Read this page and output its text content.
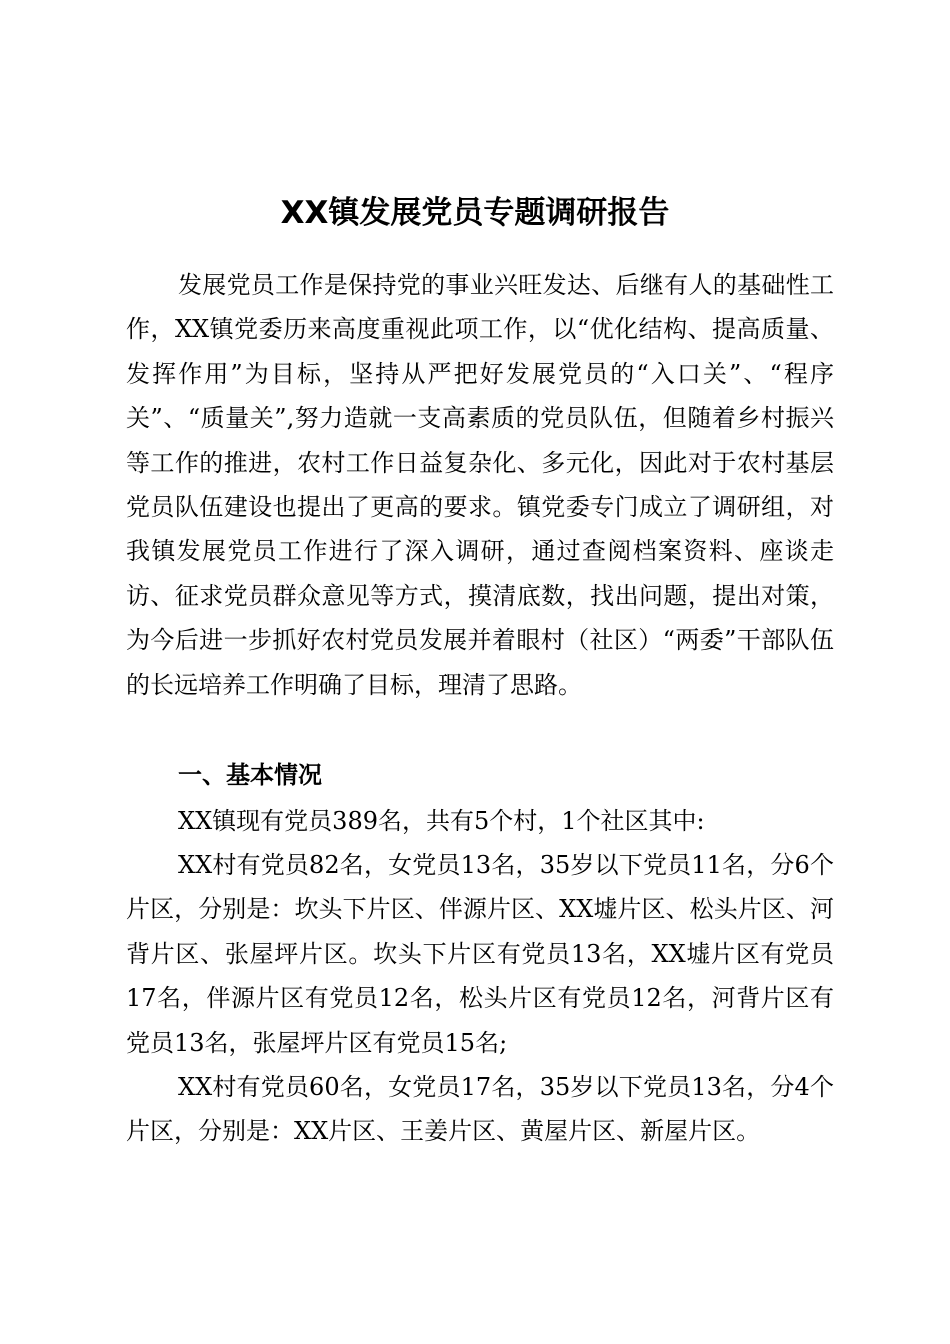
XX镇发展党员专题调研报告

发展党员工作是保持党的事业兴旺发达、后继有人的基础性工作，XX镇党委历来高度重视此项工作，以“优化结构、提高质量、发挥作用”为目标，坚持从严把好发展党员的“入口关”、“程序关”、“质量关”,努力造就一支高素质的党员队伍，但随着乡村振兴等工作的推进，农村工作日益复杂化、多元化，因此对于农村基层党员队伍建设也提出了更高的要求。镇党委专门成立了调研组，对我镇发展党员工作进行了深入调研，通过查阅档案资料、座谈走访、征求党员群众意见等方式，摸清底数，找出问题，提出对策，为今后进一步抓好农村党员发展并着眼村（社区）“两委”干部队伍的长远培养工作明确了目标，理清了思路。

一、基本情况

XX镇现有党员389名，共有5个村，1个社区其中:

XX村有党员82名，女党员13名，35岁以下党员11名，分6个片区，分别是：坎头下片区、伴源片区、XX墟片区、松头片区、河背片区、张屋坪片区。坎头下片区有党员13名，XX墟片区有党员17名，伴源片区有党员12名，松头片区有党员12名，河背片区有党员13名，张屋坪片区有党员15名;

XX村有党员60名，女党员17名，35岁以下党员13名，分4个片区，分别是：XX片区、王姜片区、黄屋片区、新屋片区。
